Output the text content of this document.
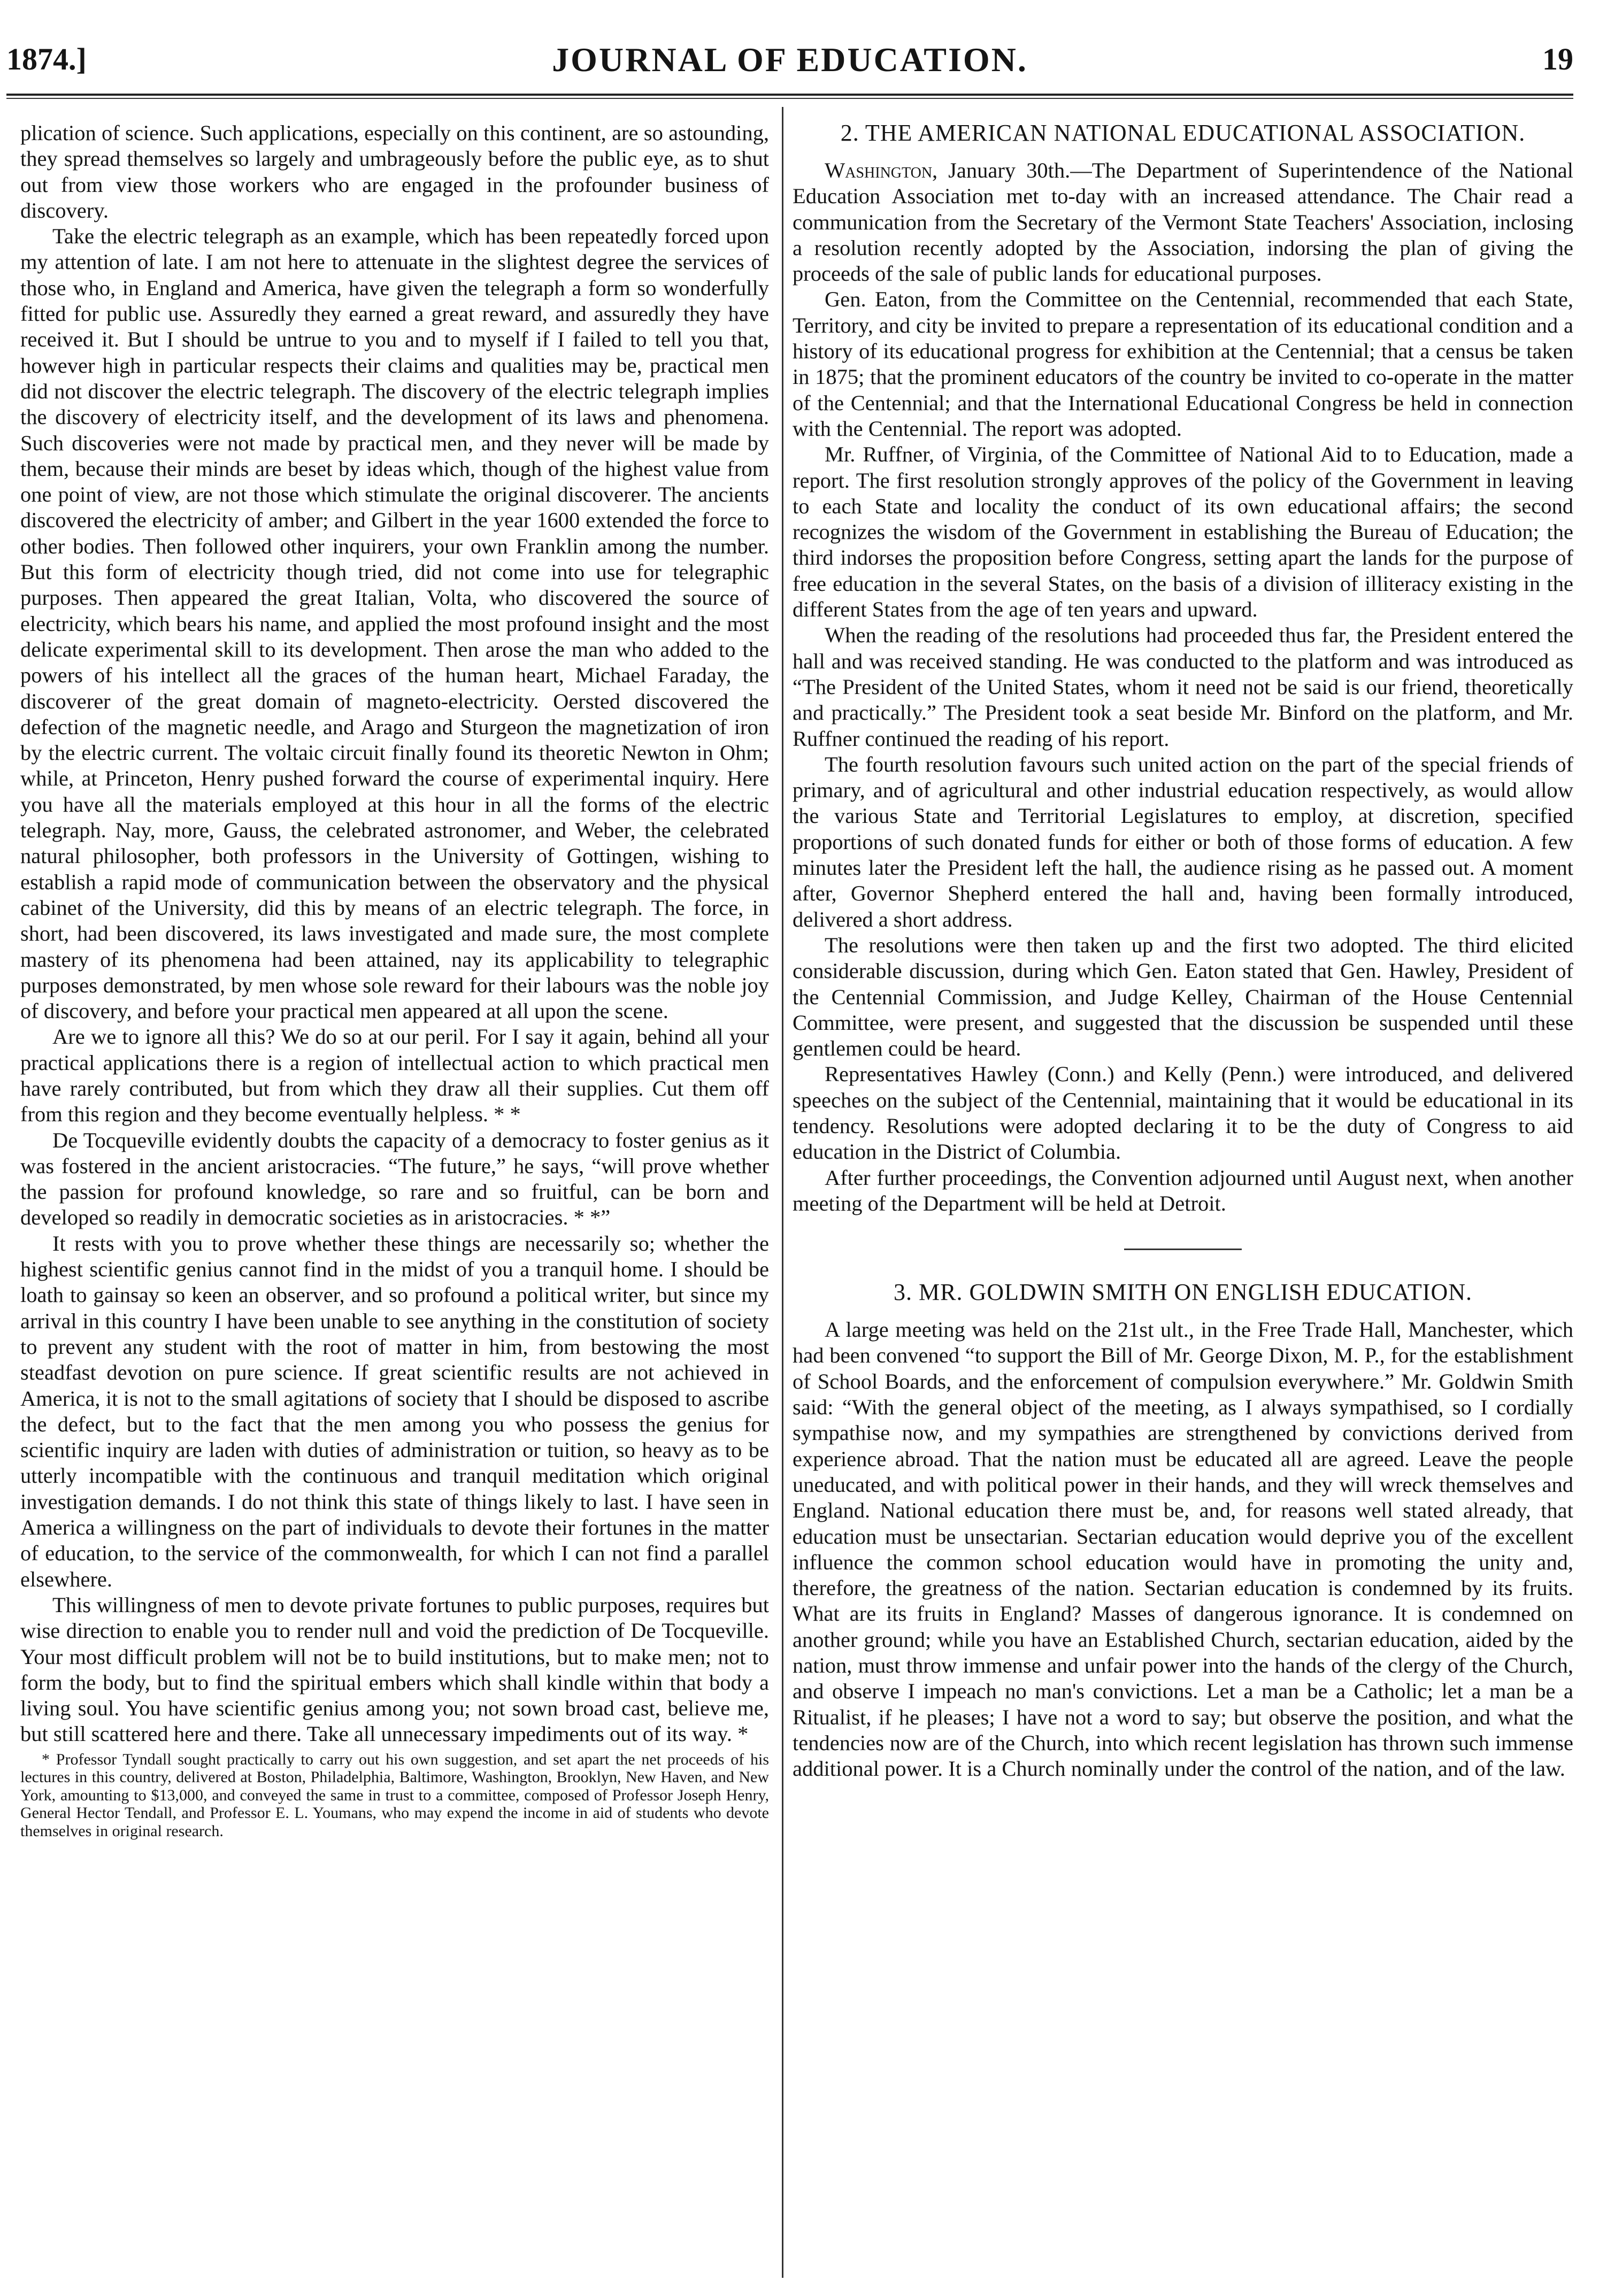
1874.]	JOURNAL OF EDUCATION.	19

plication of science. Such applications, especially on this continent, are so astounding, they spread themselves so largely and umbrageously before the public eye, as to shut out from view those workers who are engaged in the profounder business of discovery.

Take the electric telegraph as an example, which has been repeatedly forced upon my attention of late. I am not here to attenuate in the slightest degree the services of those who, in England and America, have given the telegraph a form so wonderfully fitted for public use. Assuredly they earned a great reward, and assuredly they have received it. But I should be untrue to you and to myself if I failed to tell you that, however high in particular respects their claims and qualities may be, practical men did not discover the electric telegraph. The discovery of the electric telegraph implies the discovery of electricity itself, and the development of its laws and phenomena. Such discoveries were not made by practical men, and they never will be made by them, because their minds are beset by ideas which, though of the highest value from one point of view, are not those which stimulate the original discoverer. The ancients discovered the electricity of amber; and Gilbert in the year 1600 extended the force to other bodies. Then followed other inquirers, your own Franklin among the number. But this form of electricity though tried, did not come into use for telegraphic purposes. Then appeared the great Italian, Volta, who discovered the source of electricity, which bears his name, and applied the most profound insight and the most delicate experimental skill to its development. Then arose the man who added to the powers of his intellect all the graces of the human heart, Michael Faraday, the discoverer of the great domain of magneto-electricity. Oersted discovered the defection of the magnetic needle, and Arago and Sturgeon the magnetization of iron by the electric current. The voltaic circuit finally found its theoretic Newton in Ohm; while, at Princeton, Henry pushed forward the course of experimental inquiry. Here you have all the materials employed at this hour in all the forms of the electric telegraph. Nay, more, Gauss, the celebrated astronomer, and Weber, the celebrated natural philosopher, both professors in the University of Gottingen, wishing to establish a rapid mode of communication between the observatory and the physical cabinet of the University, did this by means of an electric telegraph. The force, in short, had been discovered, its laws investigated and made sure, the most complete mastery of its phenomena had been attained, nay its applicability to telegraphic purposes demonstrated, by men whose sole reward for their labours was the noble joy of discovery, and before your practical men appeared at all upon the scene.

Are we to ignore all this? We do so at our peril. For I say it again, behind all your practical applications there is a region of intellectual action to which practical men have rarely contributed, but from which they draw all their supplies. Cut them off from this region and they become eventually helpless. * *

De Tocqueville evidently doubts the capacity of a democracy to foster genius as it was fostered in the ancient aristocracies. “The future,” he says, “will prove whether the passion for profound knowledge, so rare and so fruitful, can be born and developed so readily in democratic societies as in aristocracies. * *”

It rests with you to prove whether these things are necessarily so; whether the highest scientific genius cannot find in the midst of you a tranquil home. I should be loath to gainsay so keen an observer, and so profound a political writer, but since my arrival in this country I have been unable to see anything in the constitution of society to prevent any student with the root of matter in him, from bestowing the most steadfast devotion on pure science. If great scientific results are not achieved in America, it is not to the small agitations of society that I should be disposed to ascribe the defect, but to the fact that the men among you who possess the genius for scientific inquiry are laden with duties of administration or tuition, so heavy as to be utterly incompatible with the continuous and tranquil meditation which original investigation demands. I do not think this state of things likely to last. I have seen in America a willingness on the part of individuals to devote their fortunes in the matter of education, to the service of the commonwealth, for which I can not find a parallel elsewhere.

This willingness of men to devote private fortunes to public purposes, requires but wise direction to enable you to render null and void the prediction of De Tocqueville. Your most difficult problem will not be to build institutions, but to make men; not to form the body, but to find the spiritual embers which shall kindle within that body a living soul. You have scientific genius among you; not sown broad cast, believe me, but still scattered here and there. Take all unnecessary impediments out of its way. *

* Professor Tyndall sought practically to carry out his own suggestion, and set apart the net proceeds of his lectures in this country, delivered at Boston, Philadelphia, Baltimore, Washington, Brooklyn, New Haven, and New York, amounting to $13,000, and conveyed the same in trust to a committee, composed of Professor Joseph Henry, General Hector Tendall, and Professor E. L. Youmans, who may expend the income in aid of students who devote themselves in original research.

2. THE AMERICAN NATIONAL EDUCATIONAL ASSOCIATION.

Washington, January 30th.—The Department of Superintendence of the National Education Association met to-day with an increased attendance. The Chair read a communication from the Secretary of the Vermont State Teachers' Association, inclosing a resolution recently adopted by the Association, indorsing the plan of giving the proceeds of the sale of public lands for educational purposes.

Gen. Eaton, from the Committee on the Centennial, recommended that each State, Territory, and city be invited to prepare a representation of its educational condition and a history of its educational progress for exhibition at the Centennial; that a census be taken in 1875; that the prominent educators of the country be invited to co-operate in the matter of the Centennial; and that the International Educational Congress be held in connection with the Centennial. The report was adopted.

Mr. Ruffner, of Virginia, of the Committee of National Aid to to Education, made a report. The first resolution strongly approves of the policy of the Government in leaving to each State and locality the conduct of its own educational affairs; the second recognizes the wisdom of the Government in establishing the Bureau of Education; the third indorses the proposition before Congress, setting apart the lands for the purpose of free education in the several States, on the basis of a division of illiteracy existing in the different States from the age of ten years and upward.

When the reading of the resolutions had proceeded thus far, the President entered the hall and was received standing. He was conducted to the platform and was introduced as “The President of the United States, whom it need not be said is our friend, theoretically and practically.” The President took a seat beside Mr. Binford on the platform, and Mr. Ruffner continued the reading of his report.

The fourth resolution favours such united action on the part of the special friends of primary, and of agricultural and other industrial education respectively, as would allow the various State and Territorial Legislatures to employ, at discretion, specified proportions of such donated funds for either or both of those forms of education. A few minutes later the President left the hall, the audience rising as he passed out. A moment after, Governor Shepherd entered the hall and, having been formally introduced, delivered a short address.

The resolutions were then taken up and the first two adopted. The third elicited considerable discussion, during which Gen. Eaton stated that Gen. Hawley, President of the Centennial Commission, and Judge Kelley, Chairman of the House Centennial Committee, were present, and suggested that the discussion be suspended until these gentlemen could be heard.

Representatives Hawley (Conn.) and Kelly (Penn.) were introduced, and delivered speeches on the subject of the Centennial, maintaining that it would be educational in its tendency. Resolutions were adopted declaring it to be the duty of Congress to aid education in the District of Columbia.

After further proceedings, the Convention adjourned until August next, when another meeting of the Department will be held at Detroit.

3. MR. GOLDWIN SMITH ON ENGLISH EDUCATION.

A large meeting was held on the 21st ult., in the Free Trade Hall, Manchester, which had been convened “to support the Bill of Mr. George Dixon, M. P., for the establishment of School Boards, and the enforcement of compulsion everywhere.” Mr. Goldwin Smith said: “With the general object of the meeting, as I always sympathised, so I cordially sympathise now, and my sympathies are strengthened by convictions derived from experience abroad. That the nation must be educated all are agreed. Leave the people uneducated, and with political power in their hands, and they will wreck themselves and England. National education there must be, and, for reasons well stated already, that education must be unsectarian. Sectarian education would deprive you of the excellent influence the common school education would have in promoting the unity and, therefore, the greatness of the nation. Sectarian education is condemned by its fruits. What are its fruits in England? Masses of dangerous ignorance. It is condemned on another ground; while you have an Established Church, sectarian education, aided by the nation, must throw immense and unfair power into the hands of the clergy of the Church, and observe I impeach no man's convictions. Let a man be a Catholic; let a man be a Ritualist, if he pleases; I have not a word to say; but observe the position, and what the tendencies now are of the Church, into which recent legislation has thrown such immense additional power. It is a Church nominally under the control of the nation, and of the law.
